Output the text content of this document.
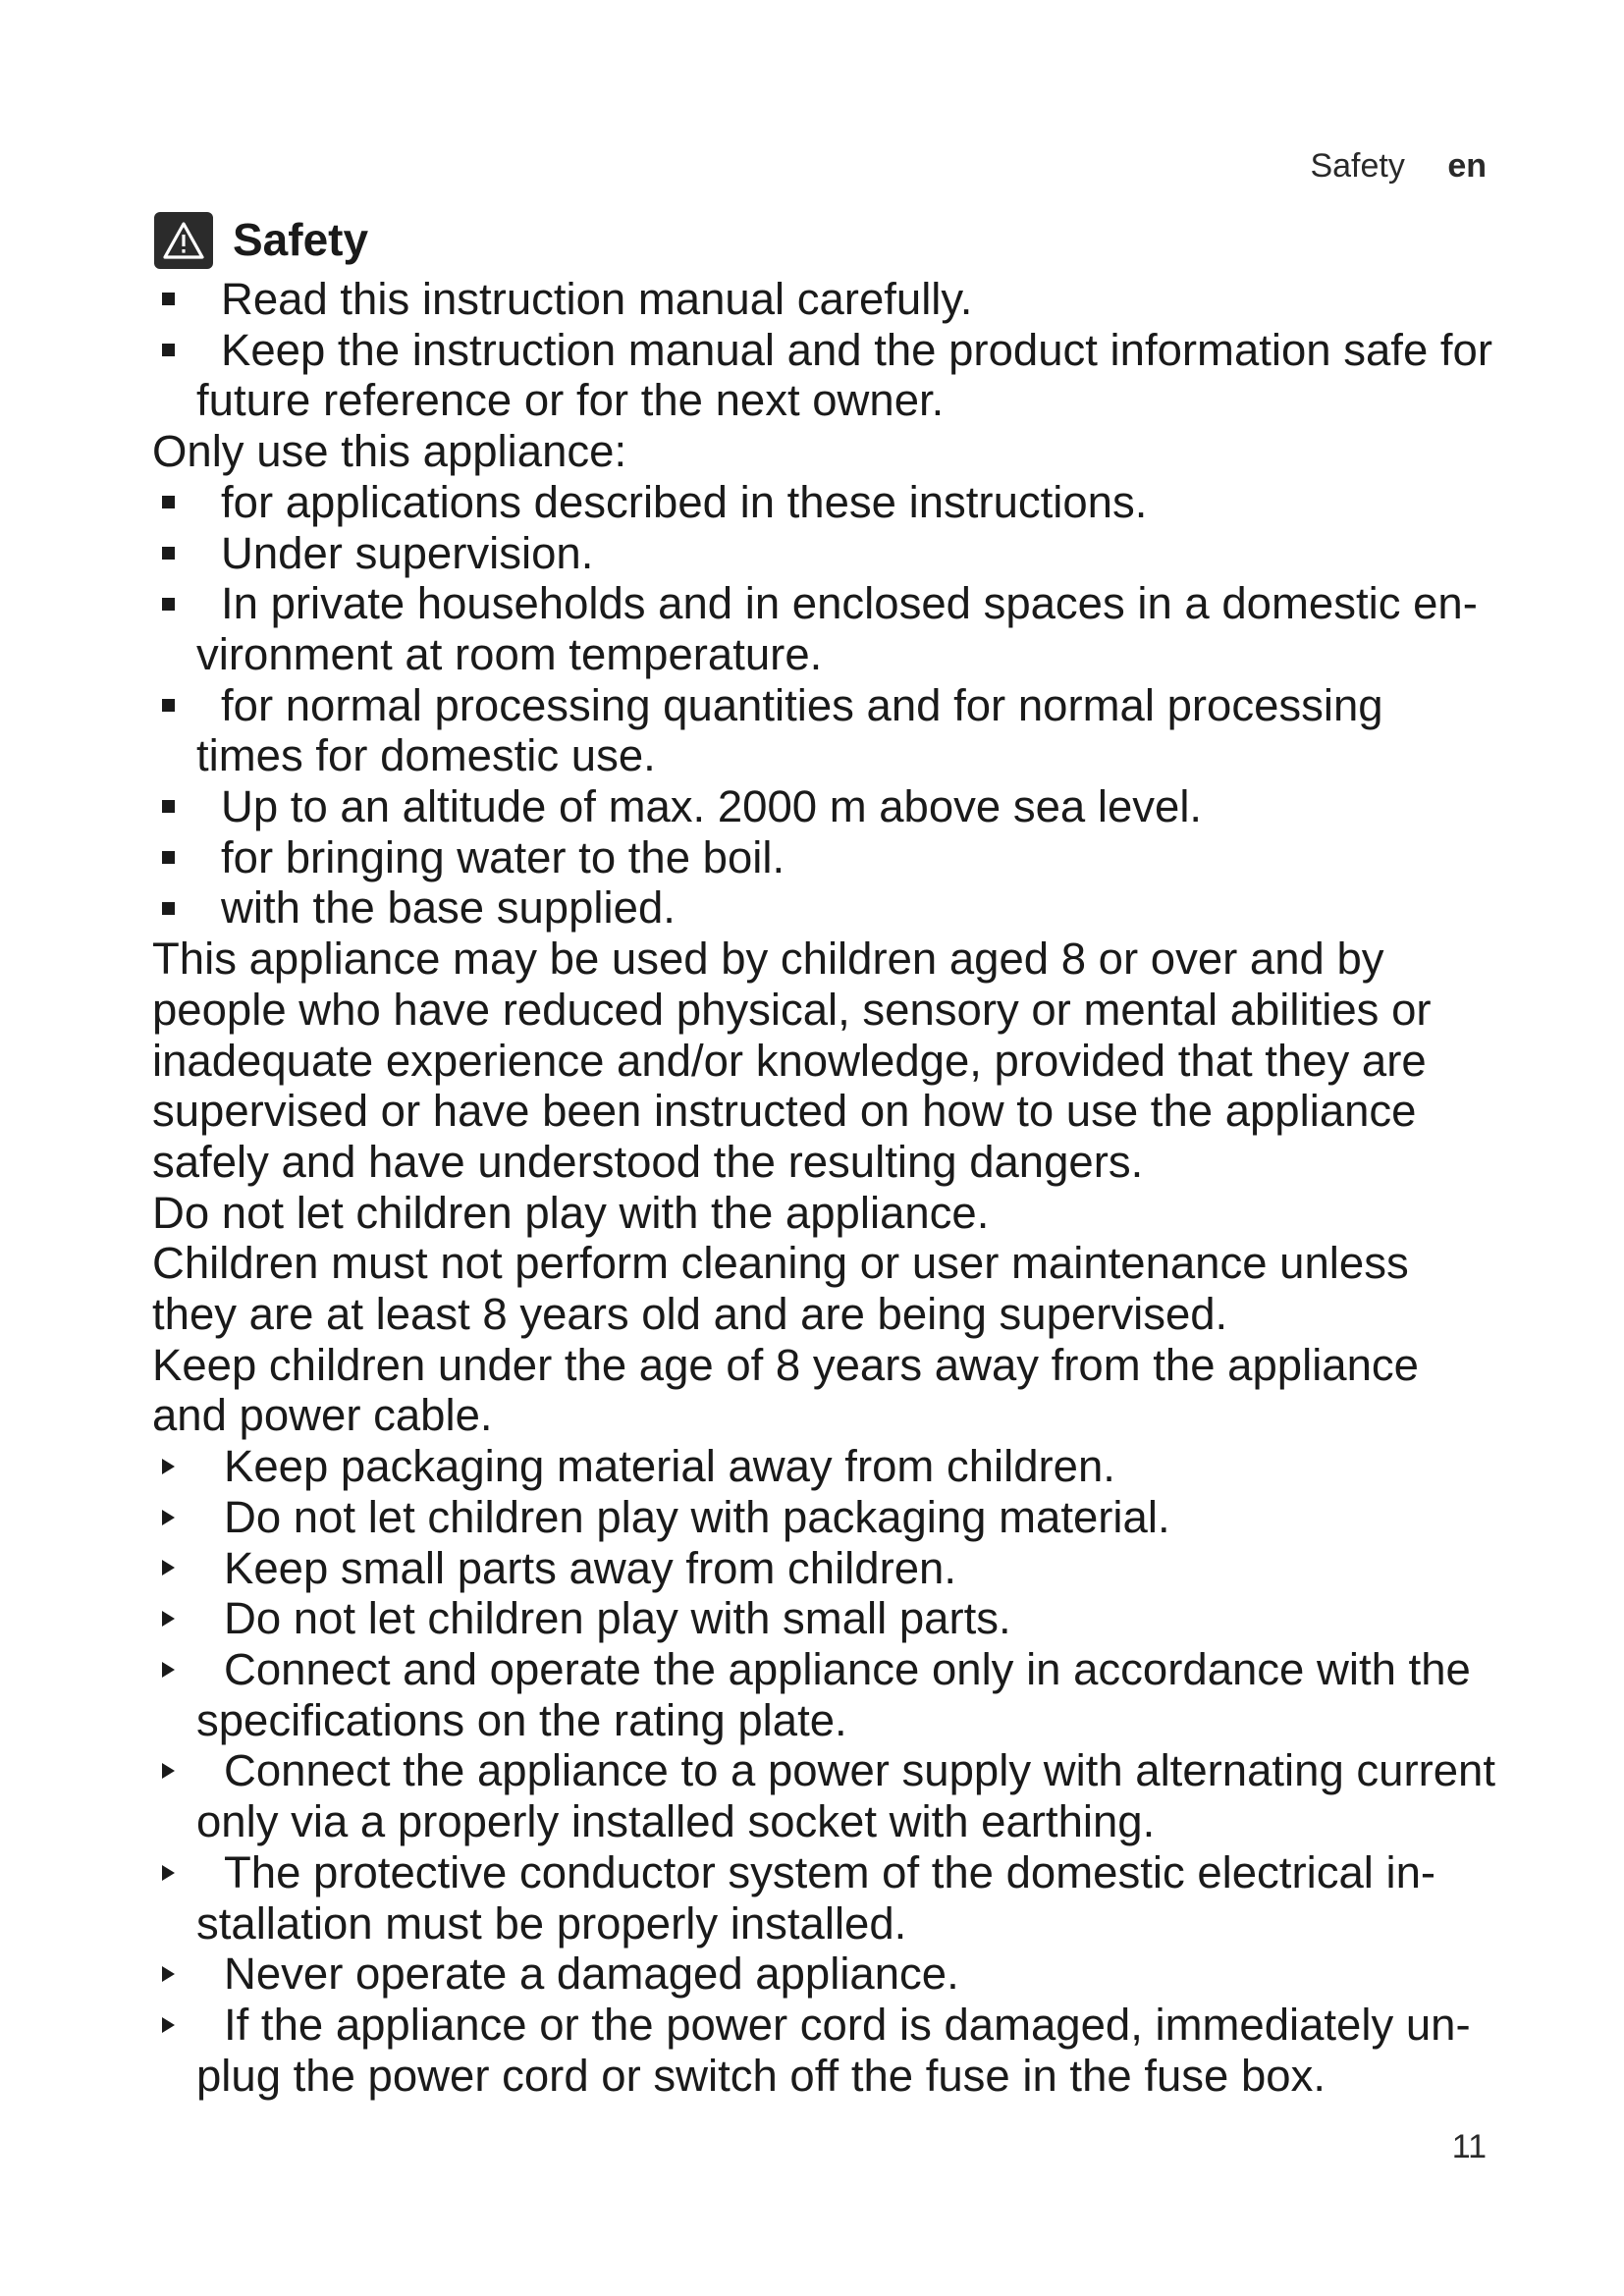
Safety en
Safety
Read this instruction manual carefully.
Keep the instruction manual and the product information safe for
future reference or for the next owner.
Only use this appliance:
for applications described in these instructions.
Under supervision.
In private households and in enclosed spaces in a domestic en-
vironment at room temperature.
for normal processing quantities and for normal processing
times for domestic use.
Up to an altitude of max. 2000 m above sea level.
for bringing water to the boil.
with the base supplied.
This appliance may be used by children aged 8 or over and by
people who have reduced physical, sensory or mental abilities or
inadequate experience and/or knowledge, provided that they are
supervised or have been instructed on how to use the appliance
safely and have understood the resulting dangers.
Do not let children play with the appliance.
Children must not perform cleaning or user maintenance unless
they are at least 8 years old and are being supervised.
Keep children under the age of 8 years away from the appliance
and power cable.
Keep packaging material away from children.
Do not let children play with packaging material.
Keep small parts away from children.
Do not let children play with small parts.
Connect and operate the appliance only in accordance with the
specifications on the rating plate.
Connect the appliance to a power supply with alternating current
only via a properly installed socket with earthing.
The protective conductor system of the domestic electrical in-
stallation must be properly installed.
Never operate a damaged appliance.
If the appliance or the power cord is damaged, immediately un-
plug the power cord or switch off the fuse in the fuse box.
11
